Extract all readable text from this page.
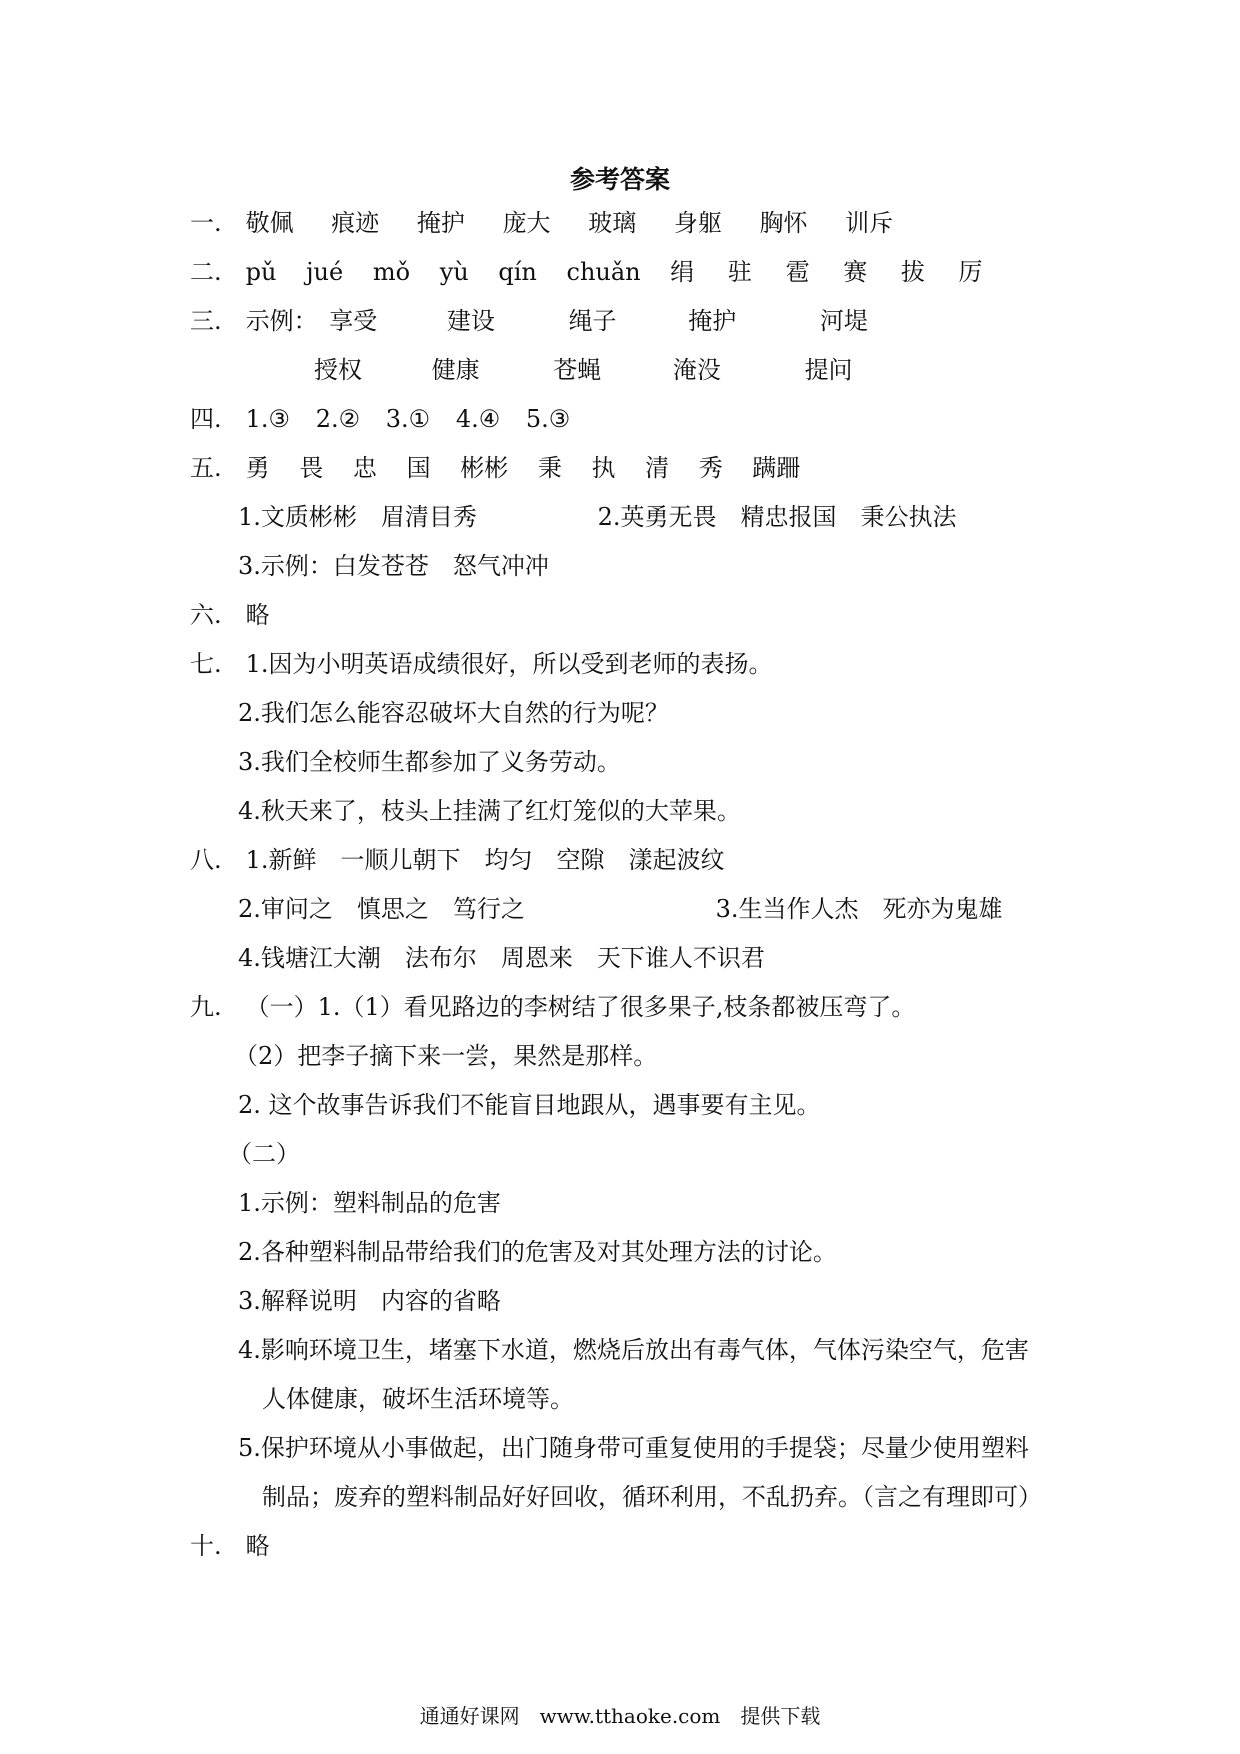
参考答案
一. 敬佩 痕迹 掩护 庞大 玻璃 身躯 胸怀 训斥
二. pǔ jué mǒ yù qín chuǎn 绢 驻 雹 赛 拔 厉
三. 示例： 享受	建设	绳子	掩护	河堤
授权	健康	苍蝇	淹没	提问
四. 1.③ 2.② 3.① 4.④ 5.③
五. 勇 畏 忠 国 彬彬 秉 执 清 秀 蹒跚
1.文质彬彬　眉清目秀	2.英勇无畏　精忠报国　秉公执法
3.示例：白发苍苍　怒气冲冲
六. 略
七. 1.因为小明英语成绩很好，所以受到老师的表扬。
2.我们怎么能容忍破坏大自然的行为呢？
3.我们全校师生都参加了义务劳动。
4.秋天来了，枝头上挂满了红灯笼似的大苹果。
八. 1.新鲜　一顺儿朝下　均匀　空隙　漾起波纹
2.审问之　慎思之　笃行之	3.生当作人杰　死亦为鬼雄
4.钱塘江大潮　法布尔　周恩来　天下谁人不识君
九. （一）1.（1）看见路边的李树结了很多果子,枝条都被压弯了。
（2）把李子摘下来一尝，果然是那样。
2. 这个故事告诉我们不能盲目地跟从，遇事要有主见。
（二）
1.示例：塑料制品的危害
2.各种塑料制品带给我们的危害及对其处理方法的讨论。
3.解释说明　内容的省略
4.影响环境卫生，堵塞下水道，燃烧后放出有毒气体，气体污染空气，危害
人体健康，破坏生活环境等。
5.保护环境从小事做起，出门随身带可重复使用的手提袋；尽量少使用塑料
制品；废弃的塑料制品好好回收，循环利用，不乱扔弃。（言之有理即可）
十. 略
通通好课网　www.tthaoke.com　提供下载
